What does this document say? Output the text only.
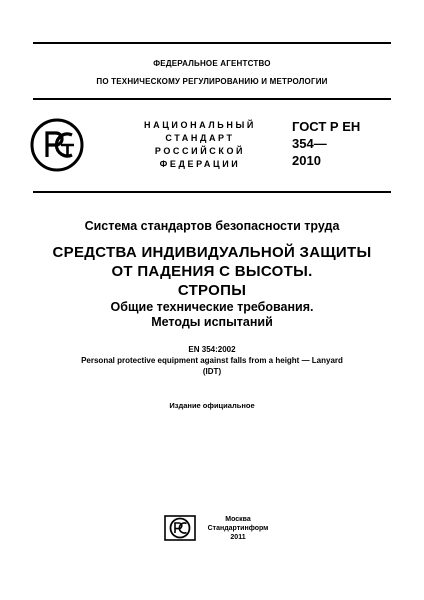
ФЕДЕРАЛЬНОЕ АГЕНТСТВО
ПО ТЕХНИЧЕСКОМУ РЕГУЛИРОВАНИЮ И МЕТРОЛОГИИ
НАЦИОНАЛЬНЫЙ
СТАНДАРТ
РОССИЙСКОЙ
ФЕДЕРАЦИИ
ГОСТ Р ЕН
354—
2010
Система стандартов безопасности труда
СРЕДСТВА ИНДИВИДУАЛЬНОЙ ЗАЩИТЫ
ОТ ПАДЕНИЯ С ВЫСОТЫ.
СТРОПЫ
Общие технические требования.
Методы испытаний
EN 354:2002
Personal protective equipment against falls from a height — Lanyard
(IDT)
Издание официальное
Москва
Стандартинформ
2011
